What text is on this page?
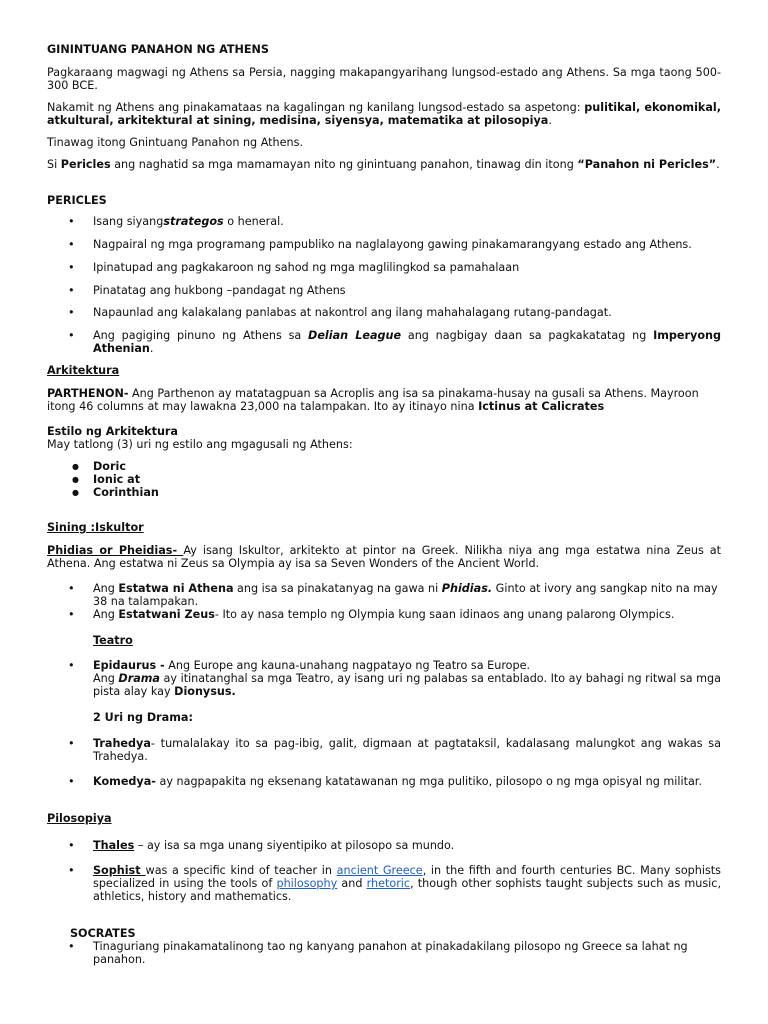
GININTUANG PANAHON NG ATHENS

Pagkaraang magwagi ng Athens sa Persia, nagging makapangyarihang lungsod-estado ang Athens. Sa mga taong 500-300 BCE.

Nakamit ng Athens ang pinakamataas na kagalingan ng kanilang lungsod-estado sa aspetong: pulitikal, ekonomikal, atkultural, arkitektural at sining, medisina, siyensya, matematika at pilosopiya.

Tinawag itong Gnintuang Panahon ng Athens.

Si Pericles ang naghatid sa mga mamamayan nito ng ginintuang panahon, tinawag din itong “Panahon ni Pericles”.

PERICLES

• Isang siyangstrategos o heneral.

• Nagpairal ng mga programang pampubliko na naglalayong gawing pinakamarangyang estado ang Athens.

• Ipinatupad ang pagkakaroon ng sahod ng mga maglilingkod sa pamahalaan

• Pinatatag ang hukbong –pandagat ng Athens

• Napaunlad ang kalakalang panlabas at nakontrol ang ilang mahahalagang rutang-pandagat.

• Ang pagiging pinuno ng Athens sa Delian League ang nagbigay daan sa pagkakatatag ng Imperyong Athenian.

Arkitektura

PARTHENON- Ang Parthenon ay matatagpuan sa Acroplis ang isa sa pinakama-husay na gusali sa Athens. Mayroon itong 46 columns at may lawakna 23,000 na talampakan. Ito ay itinayo nina Ictinus at Calicrates

Estilo ng Arkitektura

May tatlong (3) uri ng estilo ang mgagusali ng Athens:

● Doric

● Ionic at

● Corinthian

Sining :Iskultor

Phidias or Pheidias- Ay isang Iskultor, arkitekto at pintor na Greek. Nilikha niya ang mga estatwa nina Zeus at Athena. Ang estatwa ni Zeus sa Olympia ay isa sa Seven Wonders of the Ancient World.

• Ang Estatwa ni Athena ang isa sa pinakatanyag na gawa ni Phidias. Ginto at ivory ang sangkap nito na may 38 na talampakan.

• Ang Estatwani Zeus- Ito ay nasa templo ng Olympia kung saan idinaos ang unang palarong Olympics.

Teatro

• Epidaurus - Ang Europe ang kauna-unahang nagpatayo ng Teatro sa Europe.

Ang Drama ay itinatanghal sa mga Teatro, ay isang uri ng palabas sa entablado. Ito ay bahagi ng ritwal sa mga pista alay kay Dionysus.

2 Uri ng Drama:

• Trahedya- tumalalakay ito sa pag-ibig, galit, digmaan at pagtataksil, kadalasang malungkot ang wakas sa Trahedya.

• Komedya- ay nagpapakita ng eksenang katatawanan ng mga pulitiko, pilosopo o ng mga opisyal ng militar.

Pilosopiya

• Thales – ay isa sa mga unang siyentipiko at pilosopo sa mundo.

• Sophist was a specific kind of teacher in ancient Greece, in the fifth and fourth centuries BC. Many sophists specialized in using the tools of philosophy and rhetoric, though other sophists taught subjects such as music, athletics, history and mathematics.

SOCRATES

• Tinaguriang pinakamatalinong tao ng kanyang panahon at pinakadakilang pilosopo ng Greece sa lahat ng panahon.
